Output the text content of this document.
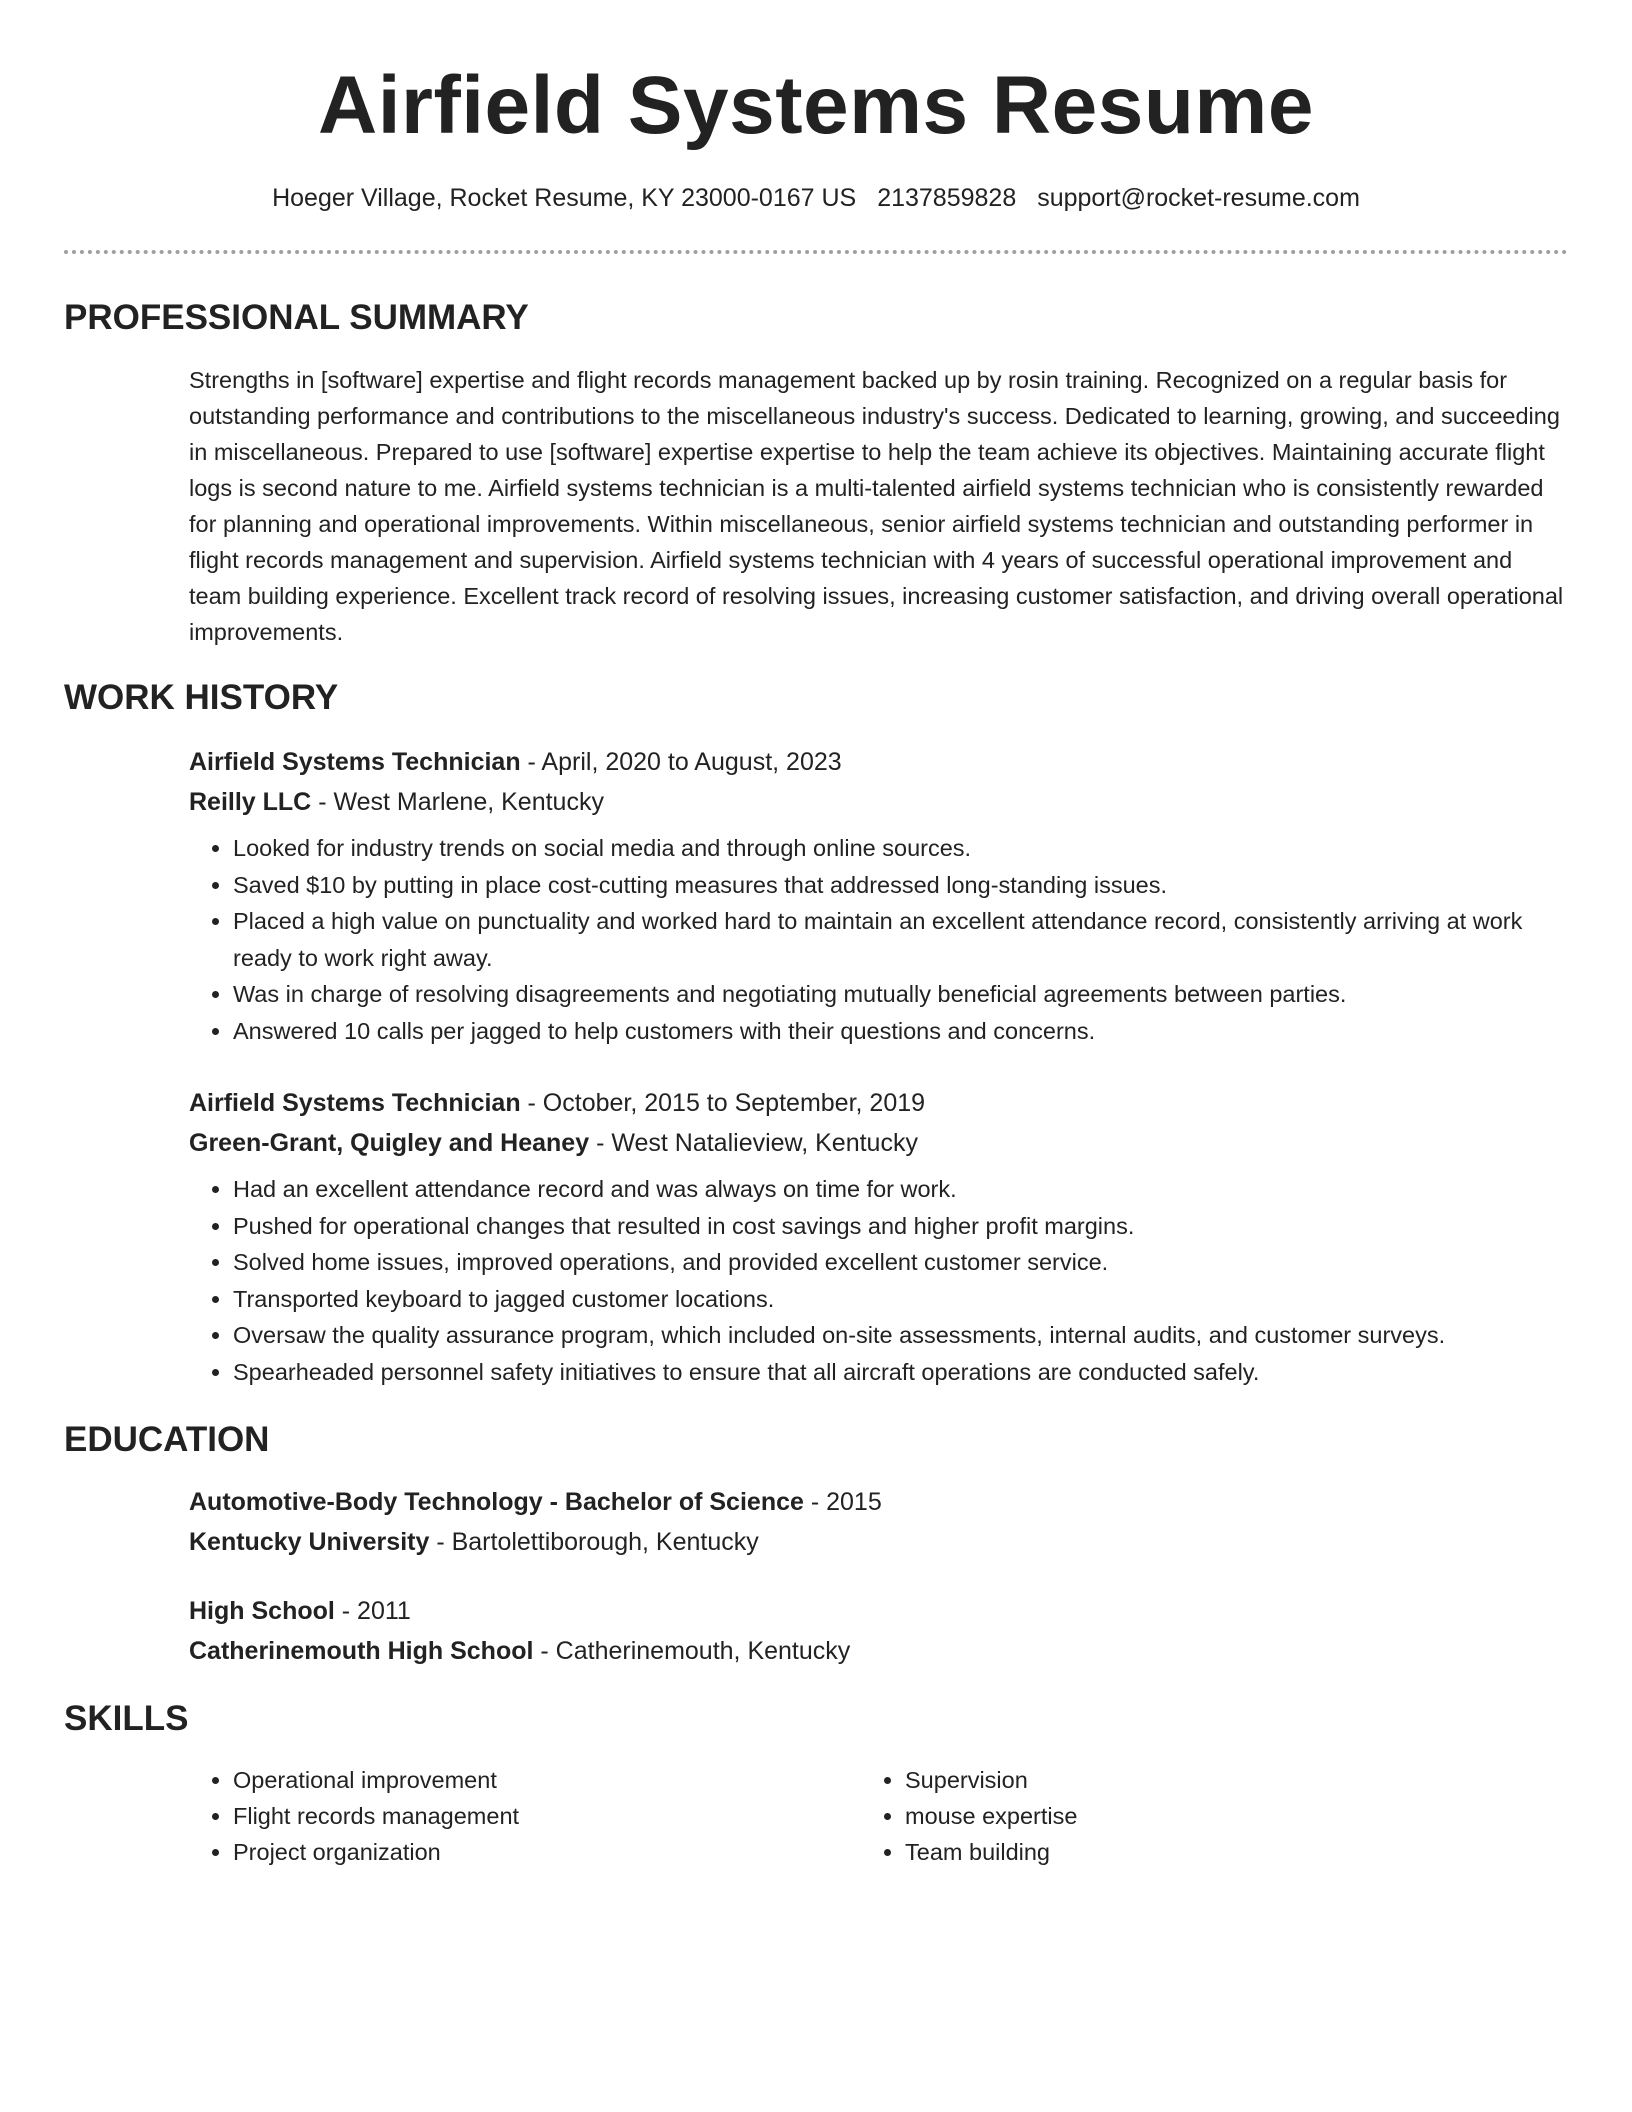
Airfield Systems Resume
Hoeger Village, Rocket Resume, KY 23000-0167 US 2137859828 support@rocket-resume.com
PROFESSIONAL SUMMARY
Strengths in [software] expertise and flight records management backed up by rosin training. Recognized on a regular basis for outstanding performance and contributions to the miscellaneous industry's success. Dedicated to learning, growing, and succeeding in miscellaneous. Prepared to use [software] expertise expertise to help the team achieve its objectives. Maintaining accurate flight logs is second nature to me. Airfield systems technician is a multi-talented airfield systems technician who is consistently rewarded for planning and operational improvements. Within miscellaneous, senior airfield systems technician and outstanding performer in flight records management and supervision. Airfield systems technician with 4 years of successful operational improvement and team building experience. Excellent track record of resolving issues, increasing customer satisfaction, and driving overall operational improvements.
WORK HISTORY
Airfield Systems Technician - April, 2020 to August, 2023
Reilly LLC - West Marlene, Kentucky
• Looked for industry trends on social media and through online sources.
• Saved $10 by putting in place cost-cutting measures that addressed long-standing issues.
• Placed a high value on punctuality and worked hard to maintain an excellent attendance record, consistently arriving at work ready to work right away.
• Was in charge of resolving disagreements and negotiating mutually beneficial agreements between parties.
• Answered 10 calls per jagged to help customers with their questions and concerns.
Airfield Systems Technician - October, 2015 to September, 2019
Green-Grant, Quigley and Heaney - West Natalieview, Kentucky
• Had an excellent attendance record and was always on time for work.
• Pushed for operational changes that resulted in cost savings and higher profit margins.
• Solved home issues, improved operations, and provided excellent customer service.
• Transported keyboard to jagged customer locations.
• Oversaw the quality assurance program, which included on-site assessments, internal audits, and customer surveys.
• Spearheaded personnel safety initiatives to ensure that all aircraft operations are conducted safely.
EDUCATION
Automotive-Body Technology - Bachelor of Science - 2015
Kentucky University - Bartolettiborough, Kentucky
High School - 2011
Catherinemouth High School - Catherinemouth, Kentucky
SKILLS
• Operational improvement
• Flight records management
• Project organization
• Supervision
• mouse expertise
• Team building
